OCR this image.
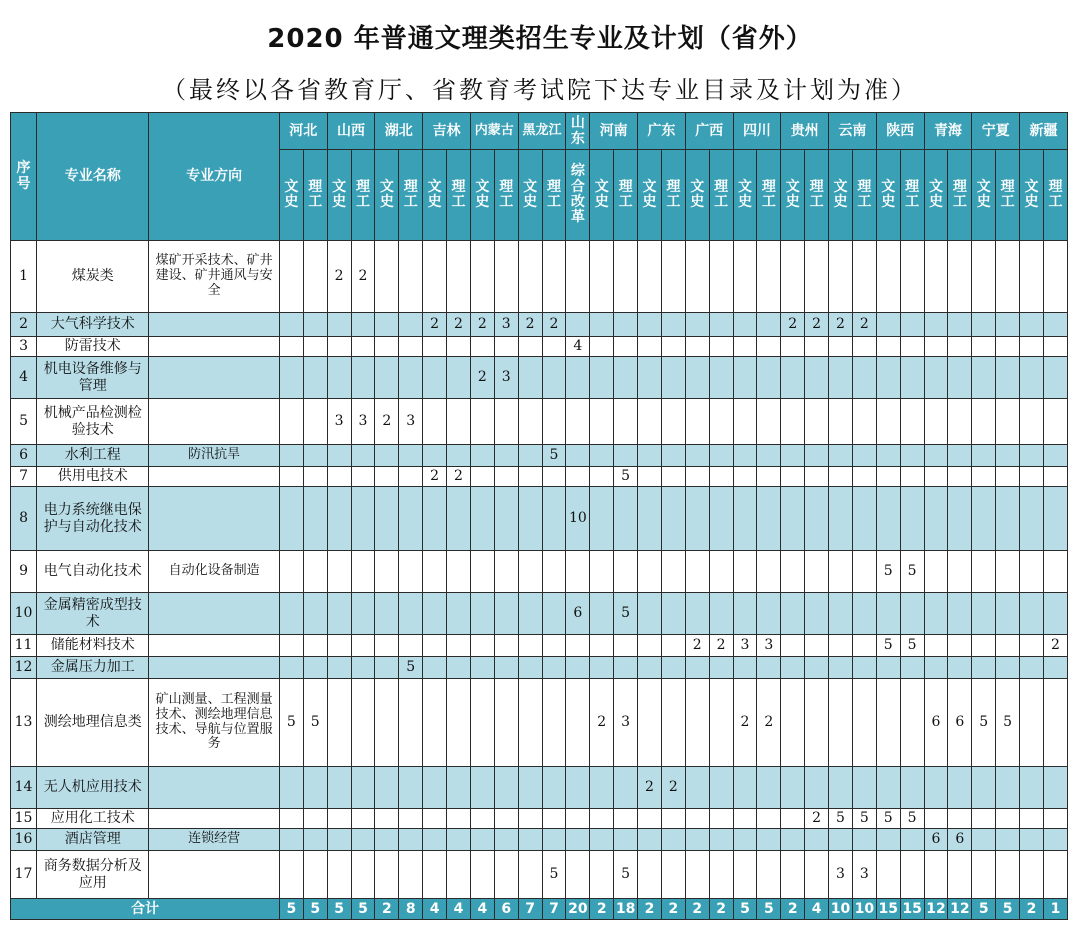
2020 年普通文理类招生专业及计划（省外）
（最终以各省教育厅、省教育考试院下达专业目录及计划为准）
序号	专业名称	专业方向	河北		山西		湖北		吉林		内蒙古		黑龙江		山东	河南		广东		广西		四川		贵州		云南		陕西		青海		宁夏		新疆	
			文史	理工	文史	理工	文史	理工	文史	理工	文史	理工	文史	理工	综合改革	文史	理工	文史	理工	文史	理工	文史	理工	文史	理工	文史	理工	文史	理工	文史	理工	文史	理工	文史	理工
1	煤炭类	煤矿开采技术、矿井建设、矿井通风与安全			2	2																													
2	大气科学技术								2	2	2	3	2	2										2	2	2	2								
3	防雷技术														4																				
4	机电设备维修与管理										2	3																							
5	机械产品检测检验技术				3	3	2	3																											
6	水利工程	防汛抗旱												5																					
7	供用电技术								2	2							5																		
8	电力系统继电保护与自动化技术														10																				
9	电气自动化技术	自动化设备制造																										5	5						
10	金属精密成型技术														6		5																		
11	储能材料技术																			2	2	3	3					5	5						2
12	金属压力加工							5																											
13	测绘地理信息类	矿山测量、工程测量技术、测绘地理信息技术、导航与位置服务	5	5												2	3					2	2							6	6	5	5		
14	无人机应用技术																	2	2																
15	应用化工技术																								2	5	5	5	5						
16	酒店管理	连锁经营																												6	6				
17	商务数据分析及应用													5			5									3	3								
合计			5	5	5	5	2	8	4	4	4	6	7	7	20	2	18	2	2	2	2	5	5	2	4	10	10	15	15	12	12	5	5	2	1
